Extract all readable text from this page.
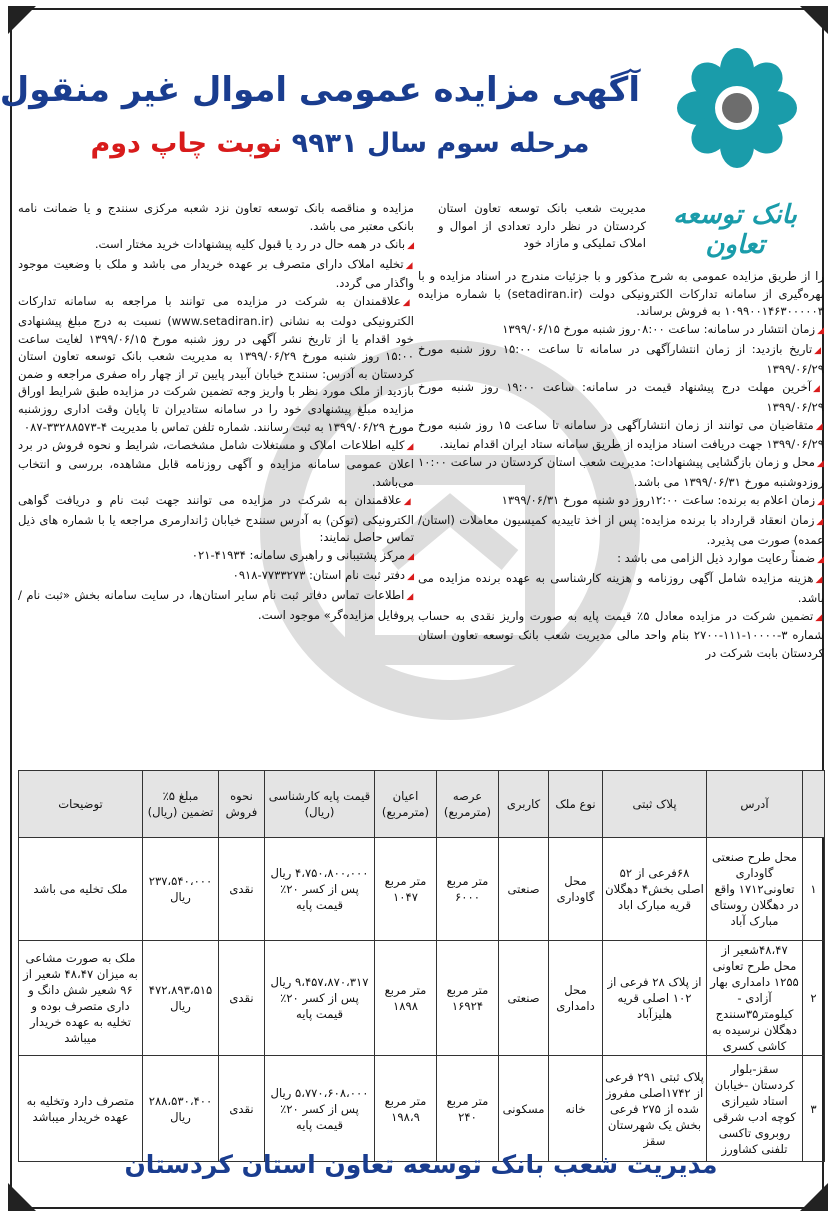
بانک توسعه تعاون
آگهی مزایده عمومی اموال غیر منقول
مرحله سوم سال ۹۹۳۱ نوبت چاپ دوم

مدیریت شعب بانک توسعه تعاون استان کردستان در نظر دارد تعدادی از اموال و املاک تملیکی و مازاد خود

را از طریق مزایده عمومی به شرح مذکور و با جزئیات مندرج در اسناد مزایده و با بهره‌گیری از سامانه تدارکات الکترونیکی دولت (setadiran.ir) با شماره مزایده ۱۰۹۹۰۰۱۴۶۳۰۰۰۰۰۳ به فروش برساند.

◢زمان انتشار در سامانه: ساعت ۰۸:۰۰روز شنبه مورخ ۱۳۹۹/۰۶/۱۵

◢تاریخ بازدید: از زمان انتشارآگهی در سامانه تا ساعت ۱۵:۰۰ روز شنبه مورخ ۱۳۹۹/۰۶/۲۹

◢آخرین مهلت درج پیشنهاد قیمت در سامانه: ساعت ۱۹:۰۰ روز شنبه مورخ ۱۳۹۹/۰۶/۲۹

◢متقاضیان می توانند از زمان انتشارآگهی در سامانه تا ساعت ۱۵ روز شنبه مورخ ۱۳۹۹/۰۶/۲۹ جهت دریافت اسناد مزایده از طریق سامانه ستاد ایران اقدام نمایند.

◢محل و زمان بازگشایی پیشنهادات: مدیریت شعب استان کردستان در ساعت ۱۰:۰۰ روزدوشنبه مورخ ۱۳۹۹/۰۶/۳۱ می باشد.

◢زمان اعلام به برنده: ساعت ۱۲:۰۰روز دو شنبه مورخ ۱۳۹۹/۰۶/۳۱

◢زمان انعقاد قرارداد با برنده مزایده: پس از اخذ تاییدیه کمیسیون معاملات (استان/عمده) صورت می پذیرد.

◢ضمناً رعایت موارد ذیل الزامی می باشد :

◢هزینه مزایده شامل آگهی روزنامه و هزینه کارشناسی به عهده برنده مزایده می باشد.

◢تضمین شرکت در مزایده معادل ۵٪ قیمت پایه به صورت واریز نقدی به حساب شماره ۳-۱۰۰۰۰-۱۱۱-۲۷۰۰ بنام واحد مالی مدیریت شعب بانک توسعه تعاون استان کردستان بابت شرکت در

مزایده و مناقصه بانک توسعه تعاون نزد شعبه مرکزی سنندج و یا ضمانت نامه بانکی معتبر می باشد.

◢بانک در همه حال در رد یا قبول کلیه پیشنهادات خرید مختار است.

◢تخلیه املاک دارای متصرف بر عهده خریدار می باشد و ملک با وضعیت موجود واگذار می گردد.

◢علاقمندان به شرکت در مزایده می توانند با مراجعه به سامانه تدارکات الکترونیکی دولت به نشانی (www.setadiran.ir) نسبت به درج مبلغ پیشنهادی خود اقدام یا از تاریخ نشر آگهی در روز شنبه مورخ ۱۳۹۹/۰۶/۱۵ لغایت ساعت ۱۵:۰۰ روز شنبه مورخ ۱۳۹۹/۰۶/۲۹ به مدیریت شعب بانک توسعه تعاون استان کردستان به آدرس: سنندج خیابان آبیدر پایین تر از چهار راه صفری مراجعه و ضمن بازدید از ملک مورد نظر با واریز وجه تضمین شرکت در مزایده طبق شرایط اوراق مزایده مبلغ پیشنهادی خود را در سامانه ستادیران تا پایان وقت اداری روزشنبه مورخ ۱۳۹۹/۰۶/۲۹ به ثبت رسانند. شماره تلفن تماس با مدیریت ۴-۳۳۲۸۸۵۷۳-۰۸۷

◢کلیه اطلاعات املاک و مستغلات شامل مشخصات، شرایط و نحوه فروش در برد اعلان عمومی سامانه مزایده و آگهی روزنامه قابل مشاهده، بررسی و انتخاب می‌باشد.

◢علاقمندان به شرکت در مزایده می توانند جهت ثبت نام و دریافت گواهی الکترونیکی (توکن) به آدرس سنندج خیابان ژاندارمری مراجعه یا با شماره های ذیل تماس حاصل نمایند:

◢مرکز پشتیبانی و راهبری سامانه: ۴۱۹۳۴-۰۲۱

◢دفتر ثبت نام استان: ۷۷۳۳۲۷۳-۰۹۱۸

◢اطلاعات تماس دفاتر ثبت نام سایر استان‌ها، در سایت سامانه بخش «ثبت نام / پروفایل مزایده‌گر» موجود است.

	آدرس	پلاک ثبتی	نوع ملک	کاربری	عرصه (مترمربع)	اعیان (مترمربع)	قیمت پایه کارشناسی (ریال)	نحوه فروش	مبلغ ۵٪ تضمین (ریال)	توضیحات
۱	محل طرح صنعتی گاوداری تعاونی۱۷۱۲ واقع در دهگلان روستای مبارک آباد	۶۸فرعی از ۵۲ اصلی بخش۴ دهگلان قریه مبارک اباد	محل گاوداری	صنعتی	متر مربع ۶۰۰۰	متر مربع ۱۰۴۷	۴،۷۵۰،۸۰۰،۰۰۰ ریال پس از کسر ۲۰٪ قیمت پایه	نقدی	۲۳۷،۵۴۰،۰۰۰ ریال	ملک تخلیه می باشد
۲	۴۸،۴۷شعیر از محل طرح تعاونی ۱۲۵۵ دامداری بهار آزادی - کیلومتر۳۵سنندج دهگلان نرسیده به کاشی کسری	از پلاک ۲۸ فرعی از ۱۰۲ اصلی قریه هلیزآباد	محل دامداری	صنعتی	متر مربع ۱۶۹۲۴	متر مربع ۱۸۹۸	۹،۴۵۷،۸۷۰،۳۱۷ ریال پس از کسر ۲۰٪ قیمت پایه	نقدی	۴۷۲،۸۹۳،۵۱۵ ریال	ملک به صورت مشاعی به میزان ۴۸،۴۷ شعیر از ۹۶ شعیر شش دانگ و داری متصرف بوده و تخلیه به عهده خریدار میباشد
۳	سقز-بلوار کردستان -خیابان استاد شیرازی کوچه ادب شرقی روبروی تاکسی تلفنی کشاورز	پلاک ثبتی ۲۹۱ فرعی از ۱۷۴۲اصلی مفروز شده از ۲۷۵ فرعی بخش یک شهرستان سقز	خانه	مسکونی	متر مربع ۲۴۰	متر مربع ۱۹۸،۹	۵،۷۷۰،۶۰۸،۰۰۰ ریال پس از کسر ۲۰٪ قیمت پایه	نقدی	۲۸۸،۵۳۰،۴۰۰ ریال	متصرف دارد وتخلیه به عهده خریدار میباشد
مدیریت شعب بانک توسعه تعاون استان کردستان
